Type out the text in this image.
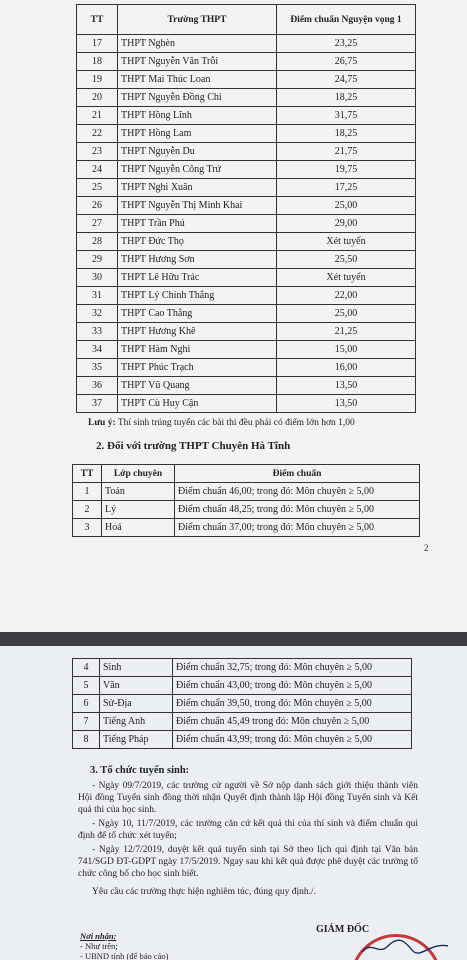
TT	Trường THPT	Điểm chuẩn Nguyện vọng 1
17	THPT Nghèn	23,25
18	THPT Nguyễn Văn Trỗi	26,75
19	THPT Mai Thúc Loan	24,75
20	THPT Nguyễn Đồng Chi	18,25
21	THPT Hồng Lĩnh	31,75
22	THPT Hồng Lam	18,25
23	THPT Nguyễn Du	21,75
24	THPT Nguyễn Công Trứ	19,75
25	THPT Nghi Xuân	17,25
26	THPT Nguyễn Thị Minh Khai	25,00
27	THPT Trần Phú	29,00
28	THPT Đức Thọ	Xét tuyển
29	THPT Hương Sơn	25,50
30	THPT Lê Hữu Trác	Xét tuyển
31	THPT Lý Chính Thắng	22,00
32	THPT Cao Thắng	25,00
33	THPT Hương Khê	21,25
34	THPT Hàm Nghi	15,00
35	THPT Phúc Trạch	16,00
36	THPT Vũ Quang	13,50
37	THPT Cù Huy Cận	13,50
Lưu ý: Thí sinh trúng tuyển các bài thi đều phải có điểm lớn hơn 1,00
2. Đối với trường THPT Chuyên Hà Tĩnh
TT	Lớp chuyên	Điểm chuẩn
1	Toán	Điểm chuẩn 46,00; trong đó: Môn chuyên ≥ 5,00
2	Lý	Điểm chuẩn 48,25; trong đó: Môn chuyên ≥ 5,00
3	Hoá	Điểm chuẩn 37,00; trong đó: Môn chuyên ≥ 5,00
2
4	Sinh	Điểm chuẩn 32,75; trong đó: Môn chuyên ≥ 5,00
5	Văn	Điểm chuẩn 43,00; trong đó: Môn chuyên ≥ 5,00
6	Sử-Địa	Điểm chuẩn 39,50, trong đó: Môn chuyên ≥ 5,00
7	Tiếng Anh	Điểm chuẩn 45,49 trong đó: Môn chuyên ≥ 5,00
8	Tiếng Pháp	Điểm chuẩn 43,99; trong đó: Môn chuyên ≥ 5,00
3. Tổ chức tuyển sinh:
- Ngày 09/7/2019, các trường cử người về Sở nộp danh sách giới thiệu thành viên Hội đồng Tuyển sinh đồng thời nhận Quyết định thành lập Hội đồng Tuyển sinh và Kết quả thi của học sinh.
- Ngày 10, 11/7/2019, các trường căn cứ kết quả thi của thí sinh và điểm chuẩn qui định để tổ chức xét tuyển;
- Ngày 12/7/2019, duyệt kết quả tuyển sinh tại Sở theo lịch qui định tại Văn bản 741/SGD ĐT-GDPT ngày 17/5/2019. Ngay sau khi kết quả được phê duyệt các trường tổ chức công bố cho học sinh biết.
Yêu cầu các trường thực hiện nghiêm túc, đúng quy định./.
Nơi nhận:
- Như trên;
- UBND tỉnh (để báo cáo)
GIÁM ĐỐC
